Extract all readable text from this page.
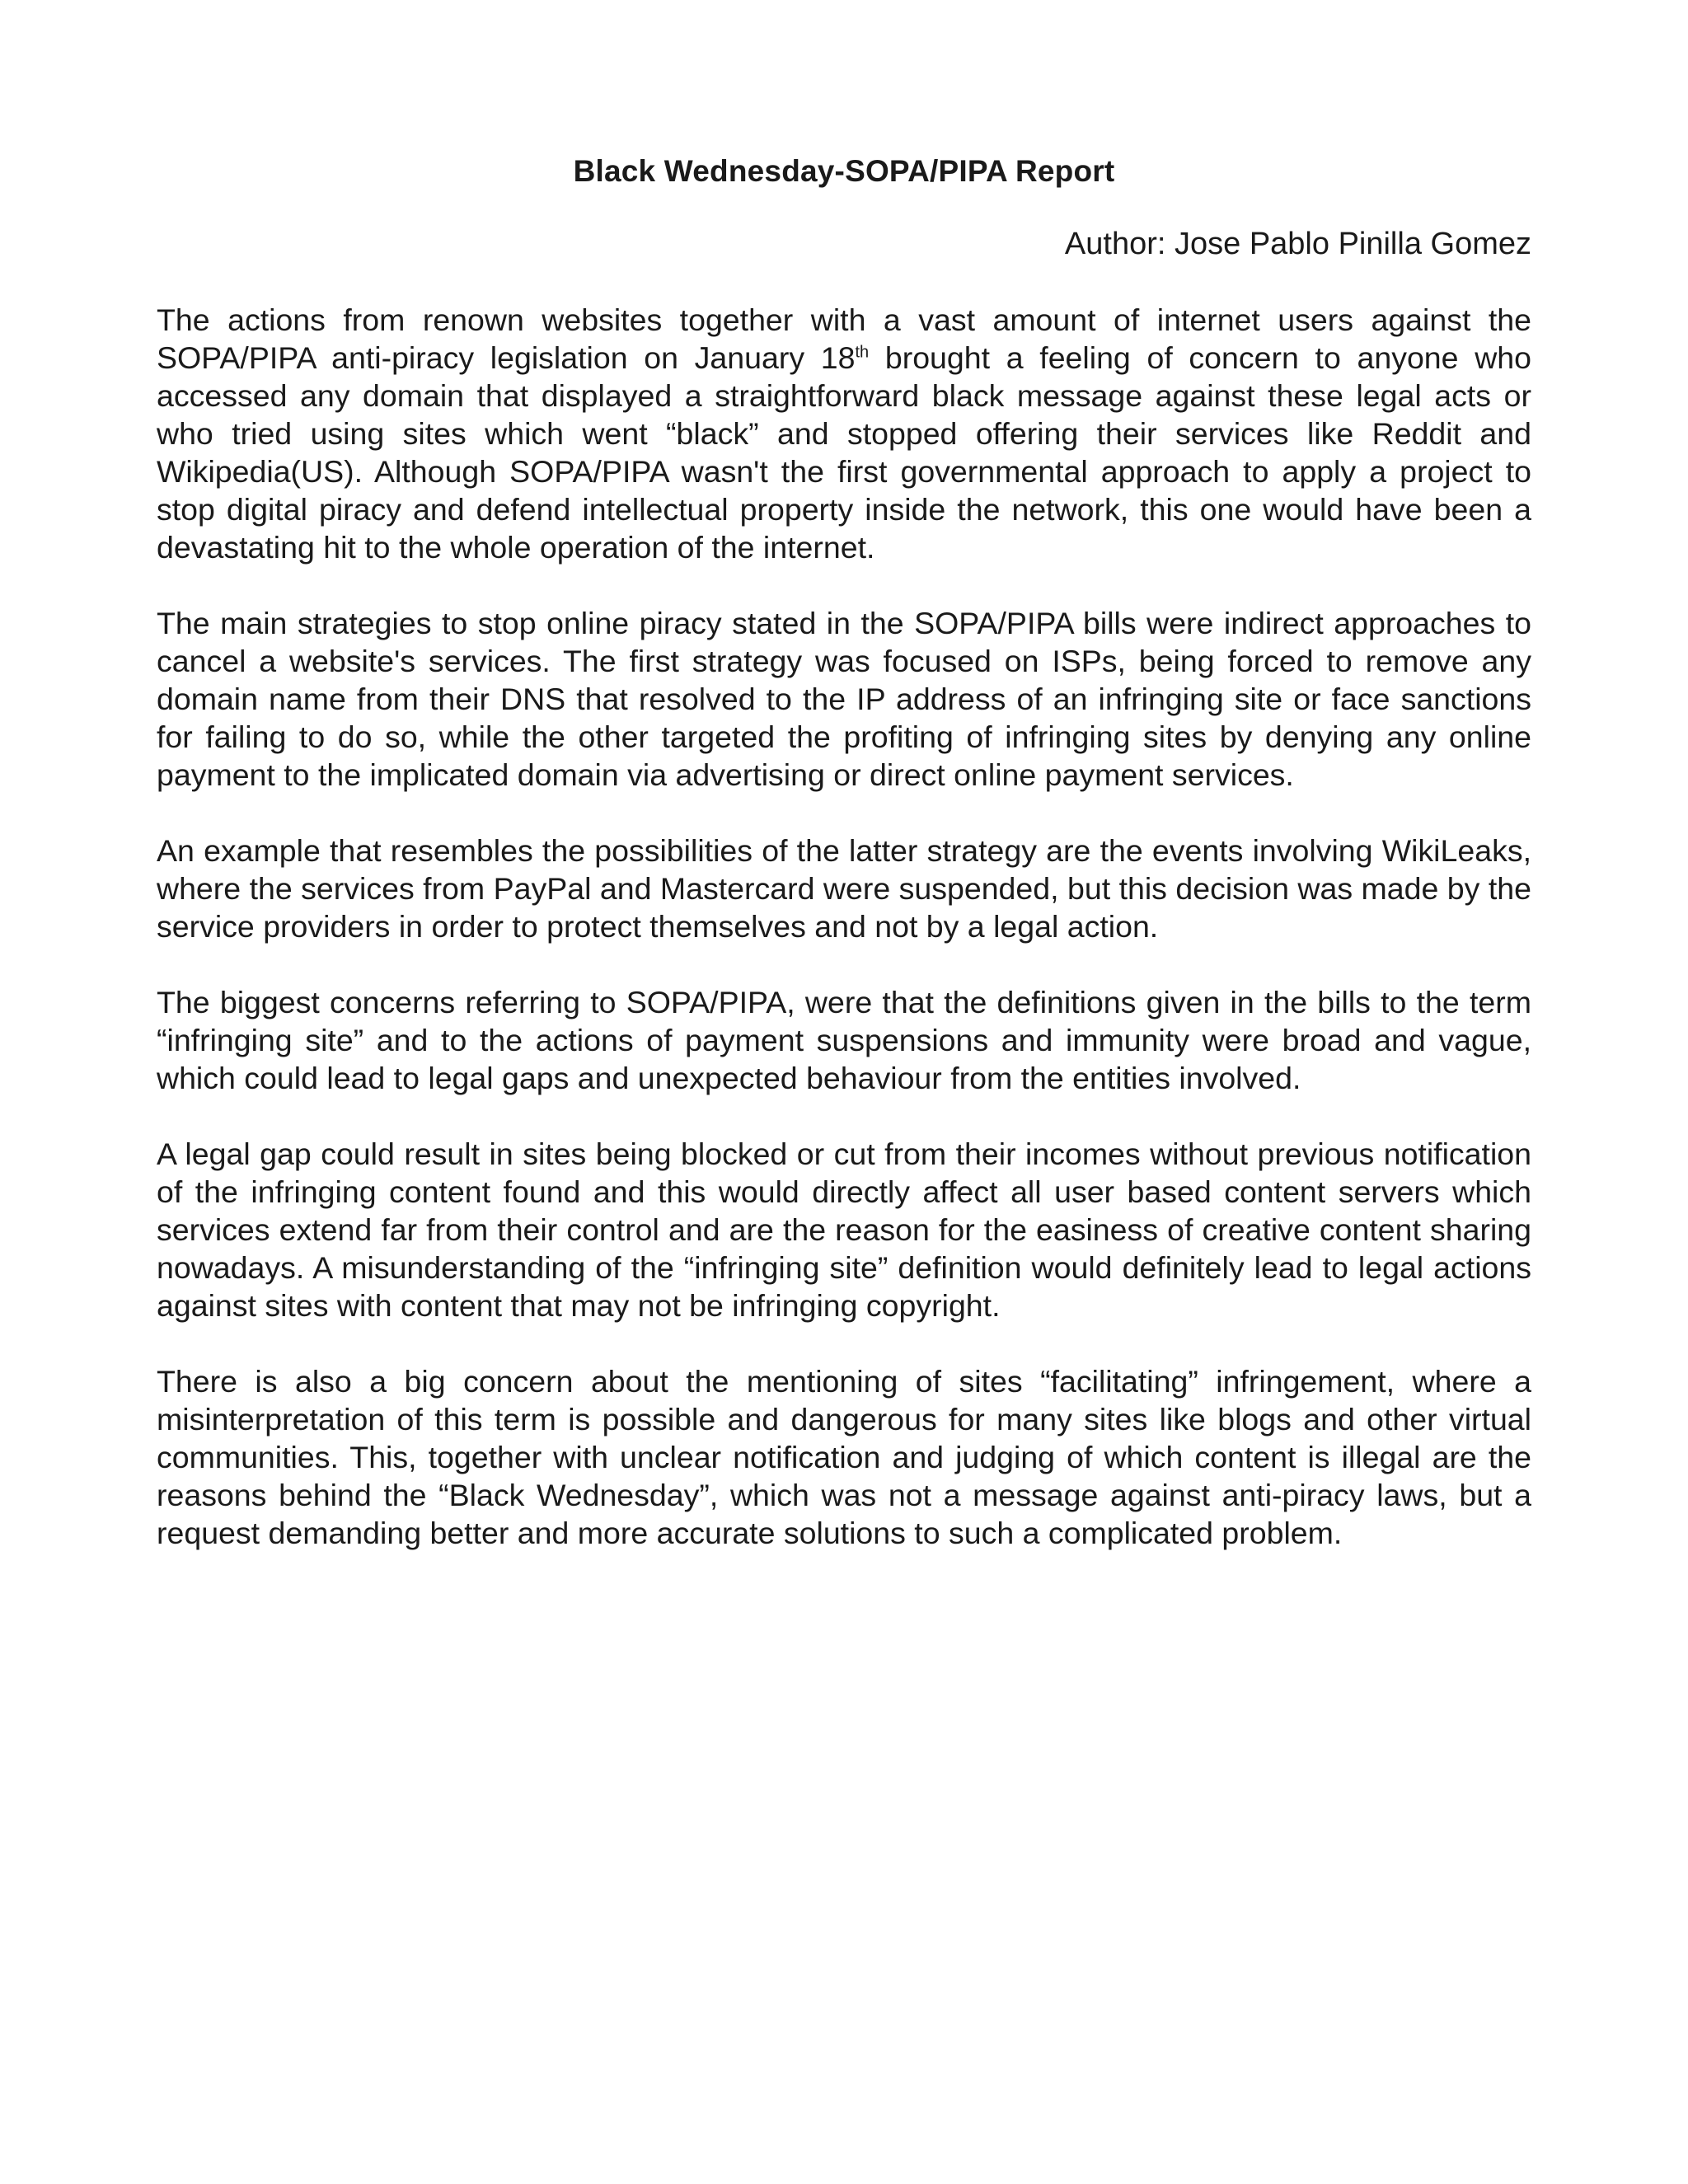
Black Wednesday-SOPA/PIPA Report

Author: Jose Pablo Pinilla Gomez

The actions from renown websites together with a vast amount of internet users against the SOPA/PIPA anti-piracy legislation on January 18th brought a feeling of concern to anyone who accessed any domain that displayed a straightforward black message against these legal acts or who tried using sites which went “black” and stopped offering their services like Reddit and Wikipedia(US). Although SOPA/PIPA wasn't the first governmental approach to apply a project to stop digital piracy and defend intellectual property inside the network, this one would have been a devastating hit to the whole operation of the internet.

The main strategies to stop online piracy stated in the SOPA/PIPA bills were indirect approaches to cancel a website's services. The first strategy was focused on ISPs, being forced to remove any domain name from their DNS that resolved to the IP address of an infringing site or face sanctions for failing to do so, while the other targeted the profiting of infringing sites by denying any online payment to the implicated domain via advertising or direct online payment services.

An example that resembles the possibilities of the latter strategy are the events involving WikiLeaks, where the services from PayPal and Mastercard were suspended, but this decision was made by the service providers in order to protect themselves and not by a legal action.

The biggest concerns referring to SOPA/PIPA, were that the definitions given in the bills to the term “infringing site” and to the actions of payment suspensions and immunity were broad and vague, which could lead to legal gaps and unexpected behaviour from the entities involved.

A legal gap could result in sites being blocked or cut from their incomes without previous notification of the infringing content found and this would directly affect all user based content servers which services extend far from their control and are the reason for the easiness of creative content sharing nowadays. A misunderstanding of the “infringing site” definition would definitely lead to legal actions against sites with content that may not be infringing copyright.

There is also a big concern about the mentioning of sites “facilitating” infringement, where a misinterpretation of this term is possible and dangerous for many sites like blogs and other virtual communities. This, together with unclear notification and judging of which content is illegal are the reasons behind the “Black Wednesday”, which was not a message against anti-piracy laws, but a request demanding better and more accurate solutions to such a complicated problem.
